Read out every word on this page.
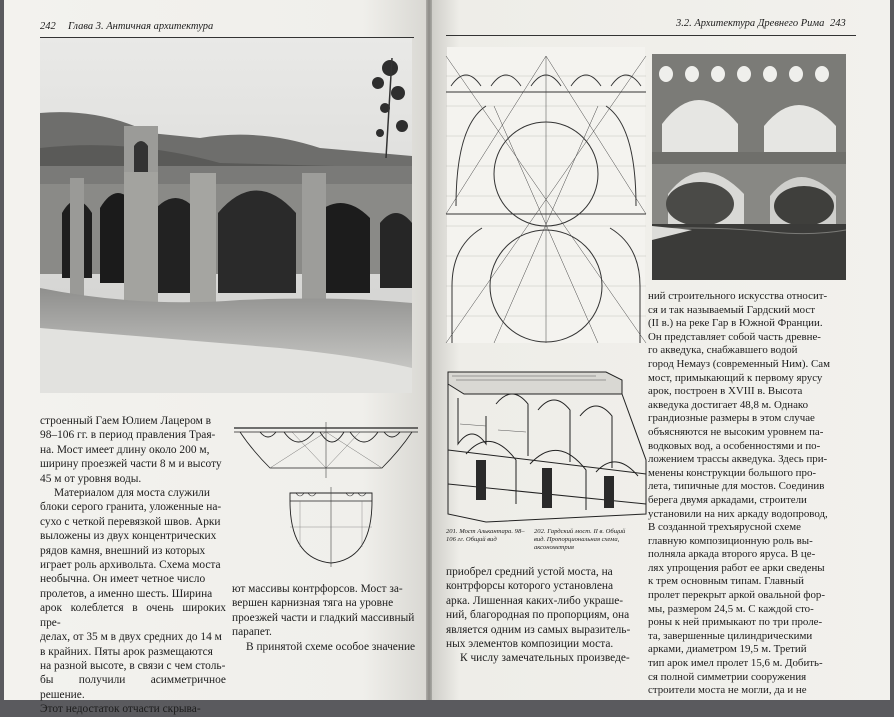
242 Глава 3. Античная архитектура

строенный Гаем Юлием Лацером в

98–106 гг. в период правления Трая-

на. Мост имеет длину около 200 м,

ширину проезжей части 8 м и высоту

45 м от уровня воды.

Материалом для моста служили

блоки серого гранита, уложенные на-

сухо с четкой перевязкой швов. Арки

выложены из двух концентрических

рядов камня, внешний из которых

играет роль архивольта. Схема моста

необычна. Он имеет четное число

пролетов, а именно шесть. Ширина

арок колеблется в очень широких пре-

делах, от 35 м в двух средних до 14 м

в крайних. Пяты арок размещаются

на разной высоте, в связи с чем столь-

бы получили асимметричное решение.

Этот недостаток отчасти скрыва-

ют массивы контрфорсов. Мост за-

вершен карнизная тяга на уровне

проезжей части и гладкий массивный

парапет.

В принятой схеме особое значение

3.2. Архитектура Древнего Рима 243
201. Мост Алькантара. 98–106 гг. Общий вид
202. Гардский мост. II в. Общий вид. Пропорциональная схема, аксонометрия

приобрел средний устой моста, на

контрфорсы которого установлена

арка. Лишенная каких-либо украше-

ний, благородная по пропорциям, она

является одним из самых выразитель-

ных элементов композиции моста.

К числу замечательных произведе-

ний строительного искусства относит-

ся и так называемый Гардский мост

(II в.) на реке Гар в Южной Франции.

Он представляет собой часть древне-

го акведука, снабжавшего водой

город Немауз (современный Ним). Сам

мост, примыкающий к первому ярусу

арок, построен в XVIII в. Высота

акведука достигает 48,8 м. Однако

грандиозные размеры в этом случае

объясняются не высоким уровнем па-

водковых вод, а особенностями и по-

ложением трассы акведука. Здесь при-

менены конструкции большого про-

лета, типичные для мостов. Соединив

берега двумя аркадами, строители

установили на них аркаду водопровод,

В созданной трехъярусной схеме

главную композиционную роль вы-

полняла аркада второго яруса. В це-

лях упрощения работ ее арки сведены

к трем основным типам. Главный

пролет перекрыт аркой овальной фор-

мы, размером 24,5 м. С каждой сто-

роны к ней примыкают по три проле-

та, завершенные цилиндрическими

арками, диаметром 19,5 м. Третий

тип арок имел пролет 15,6 м. Добить-

ся полной симметрии сооружения

строители моста не могли, да и не
